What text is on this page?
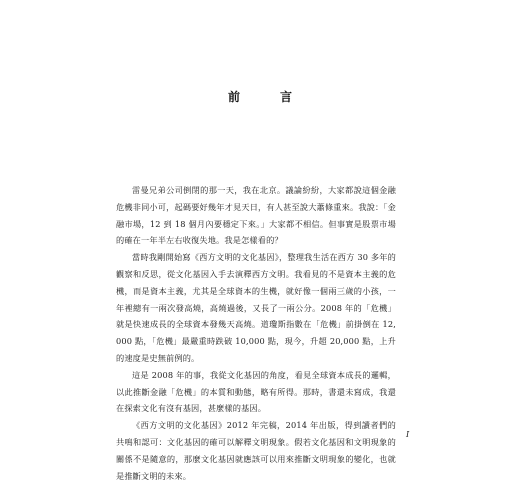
前　言

雷曼兄弟公司倒閉的那一天，我在北京。議論紛紛，大家都說這個金融危機非同小可，起碼要好幾年才見天日，有人甚至說大蕭條重來。我說：「金融市場，12 到 18 個月內要穩定下來。」大家都不相信。但事實是股票市場的確在一年半左右收復失地。我是怎樣看的？

當時我剛開始寫《西方文明的文化基因》，整理我生活在西方 30 多年的觀察和反思，從文化基因入手去演釋西方文明。我看見的不是資本主義的危機，而是資本主義，尤其是全球資本的生機，就好像一個兩三歲的小孩，一年裡總有一兩次發高燒，高燒過後，又長了一兩公分。2008 年的「危機」就是快速成長的全球資本發幾天高燒。道瓊斯指數在「危機」前掛倒在 12,000 點，「危機」最嚴重時跌破 10,000 點，現今，升超 20,000 點，上升的速度是史無前例的。

這是 2008 年的事，我從文化基因的角度，看見全球資本成長的邏輯，以此推斷金融「危機」的本質和動態，略有所得。那時，書還未寫成，我還在探索文化有沒有基因，甚麼樣的基因。

《西方文明的文化基因》2012 年完稿，2014 年出版，得到讀者們的共鳴和認可：文化基因的確可以解釋文明現象。假若文化基因和文明現象的關係不是隨意的，那麼文化基因就應該可以用來推斷文明現象的變化，也就是推斷文明的未來。

I
